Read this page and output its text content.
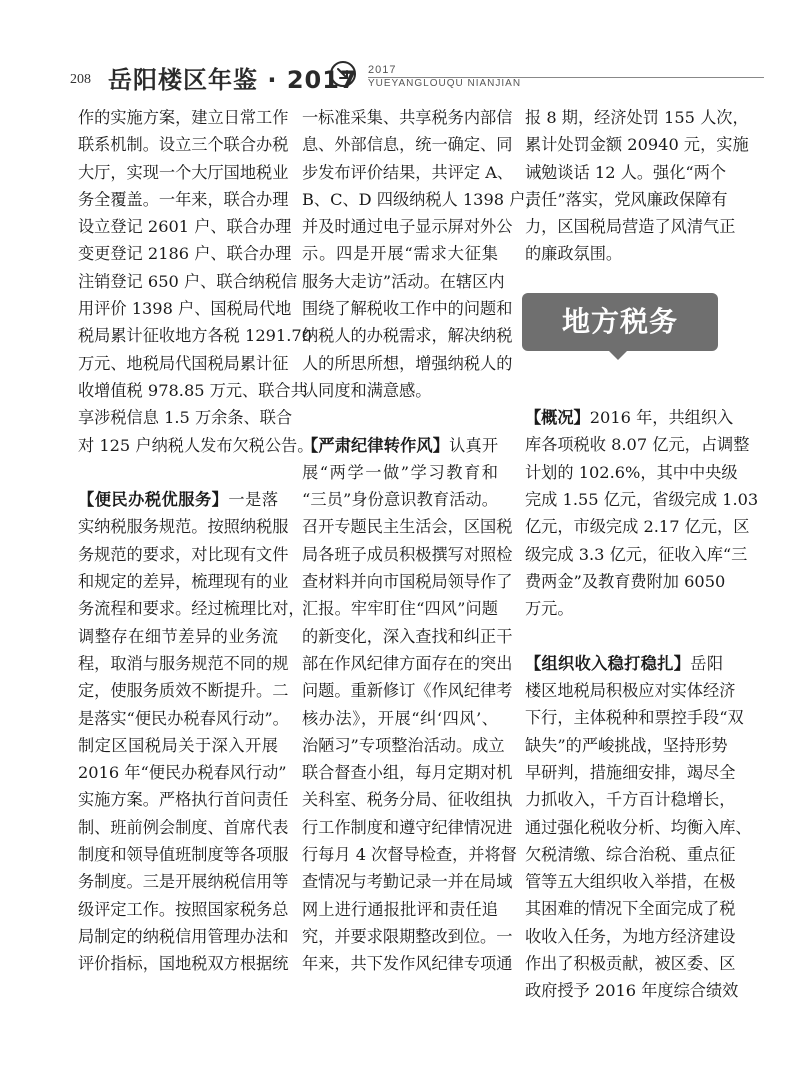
208 岳阳楼区年鉴 · 2017 2017
YUEYANGLOUQU NIANJIAN
作的实施方案，建立日常工作
联系机制。设立三个联合办税
大厅，实现一个大厅国地税业
务全覆盖。一年来，联合办理
设立登记 2601 户、联合办理
变更登记 2186 户、联合办理
注销登记 650 户、联合纳税信
用评价 1398 户、国税局代地
税局累计征收地方各税 1291.70
万元、地税局代国税局累计征
收增值税 978.85 万元、联合共
享涉税信息 1.5 万余条、联合
对 125 户纳税人发布欠税公告。
【便民办税优服务】一是落
实纳税服务规范。按照纳税服
务规范的要求，对比现有文件
和规定的差异，梳理现有的业
务流程和要求。经过梳理比对，
调整存在细节差异的业务流
程，取消与服务规范不同的规
定，使服务质效不断提升。二
是落实“便民办税春风行动”。
制定区国税局关于深入开展
2016 年“便民办税春风行动”
实施方案。严格执行首问责任
制、班前例会制度、首席代表
制度和领导值班制度等各项服
务制度。三是开展纳税信用等
级评定工作。按照国家税务总
局制定的纳税信用管理办法和
评价指标，国地税双方根据统
一标准采集、共享税务内部信
息、外部信息，统一确定、同
步发布评价结果，共评定 A、
B、C、D 四级纳税人 1398 户，
并及时通过电子显示屏对外公
示。四是开展“需求大征集
服务大走访”活动。在辖区内
围绕了解税收工作中的问题和
纳税人的办税需求，解决纳税
人的所思所想，增强纳税人的
认同度和满意感。
【严肃纪律转作风】认真开
展“两学一做”学习教育和
“三员”身份意识教育活动。
召开专题民主生活会，区国税
局各班子成员积极撰写对照检
查材料并向市国税局领导作了
汇报。牢牢盯住“四风”问题
的新变化，深入查找和纠正干
部在作风纪律方面存在的突出
问题。重新修订《作风纪律考
核办法》，开展“纠‘四风’、
治陋习”专项整治活动。成立
联合督查小组，每月定期对机
关科室、税务分局、征收组执
行工作制度和遵守纪律情况进
行每月 4 次督导检查，并将督
查情况与考勤记录一并在局域
网上进行通报批评和责任追
究，并要求限期整改到位。一
年来，共下发作风纪律专项通
报 8 期，经济处罚 155 人次，
累计处罚金额 20940 元，实施
诫勉谈话 12 人。强化“两个
责任”落实，党风廉政保障有
力，区国税局营造了风清气正
的廉政氛围。
【概况】2016 年，共组织入
库各项税收 8.07 亿元，占调整
计划的 102.6%，其中中央级
完成 1.55 亿元，省级完成 1.03
亿元，市级完成 2.17 亿元，区
级完成 3.3 亿元，征收入库“三
费两金”及教育费附加 6050
万元。
【组织收入稳打稳扎】岳阳
楼区地税局积极应对实体经济
下行，主体税种和票控手段“双
缺失”的严峻挑战，坚持形势
早研判，措施细安排，竭尽全
力抓收入，千方百计稳增长，
通过强化税收分析、均衡入库、
欠税清缴、综合治税、重点征
管等五大组织收入举措，在极
其困难的情况下全面完成了税
收收入任务，为地方经济建设
作出了积极贡献，被区委、区
政府授予 2016 年度综合绩效
地方税务
